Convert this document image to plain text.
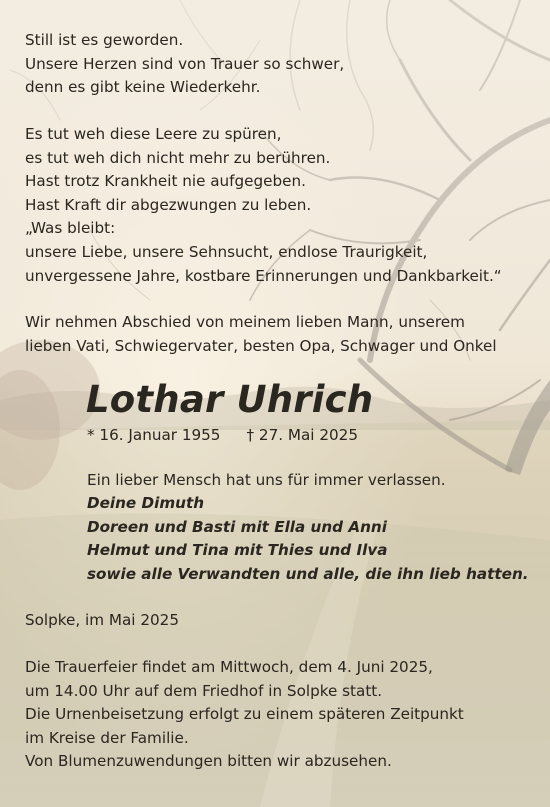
Still ist es geworden.
Unsere Herzen sind von Trauer so schwer,
denn es gibt keine Wiederkehr.
Es tut weh diese Leere zu spüren,
es tut weh dich nicht mehr zu berühren.
Hast trotz Krankheit nie aufgegeben.
Hast Kraft dir abgezwungen zu leben.
„Was bleibt:
unsere Liebe, unsere Sehnsucht, endlose Traurigkeit,
unvergessene Jahre, kostbare Erinnerungen und Dankbarkeit.“
Wir nehmen Abschied von meinem lieben Mann, unserem
lieben Vati, Schwiegervater, besten Opa, Schwager und Onkel
Lothar Uhrich
* 16. Januar 1955 † 27. Mai 2025
Ein lieber Mensch hat uns für immer verlassen.
Deine Dimuth
Doreen und Basti mit Ella und Anni
Helmut und Tina mit Thies und Ilva
sowie alle Verwandten und alle, die ihn lieb hatten.
Solpke, im Mai 2025
Die Trauerfeier findet am Mittwoch, dem 4. Juni 2025,
um 14.00 Uhr auf dem Friedhof in Solpke statt.
Die Urnenbeisetzung erfolgt zu einem späteren Zeitpunkt
im Kreise der Familie.
Von Blumenzuwendungen bitten wir abzusehen.
